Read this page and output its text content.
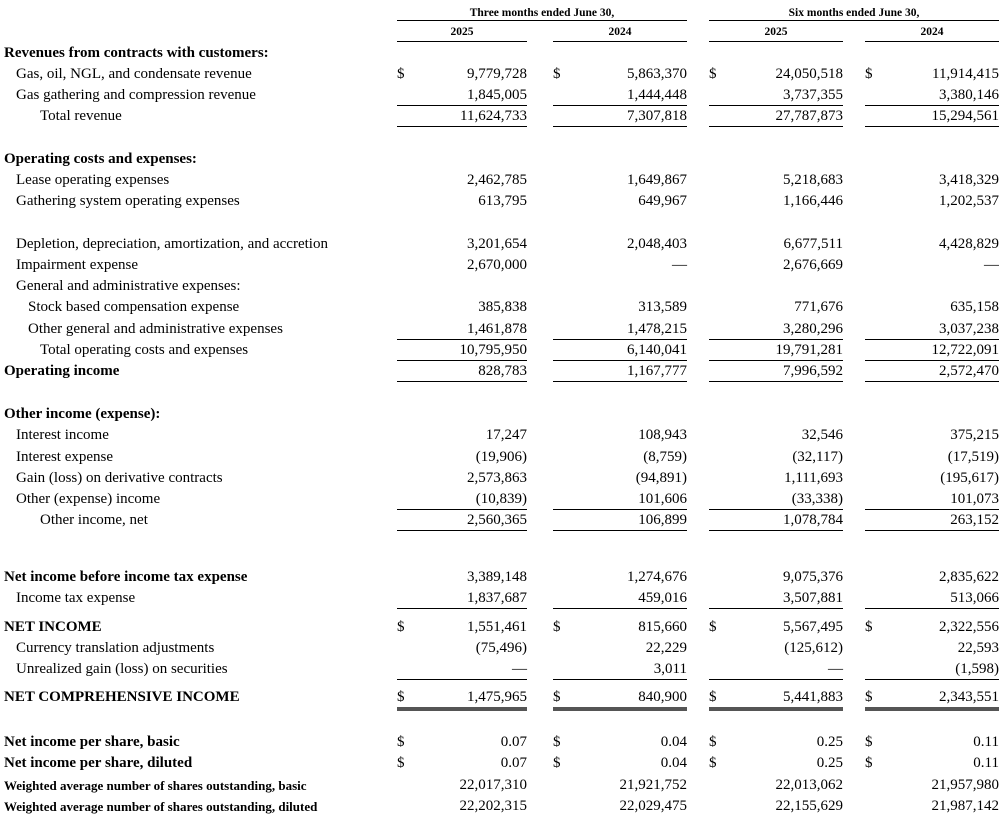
Three months ended June 30,	Six months ended June 30,
2025	2024	2025	2024
Revenues from contracts with customers:
Gas, oil, NGL, and condensate revenue	$	9,779,728 $	5,863,370 $	24,050,518 $	11,914,415
Gas gathering and compression revenue	1,845,005	1,444,448	3,737,355	3,380,146
Total revenue	11,624,733	7,307,818	27,787,873	15,294,561
Operating costs and expenses:
Lease operating expenses	2,462,785	1,649,867	5,218,683	3,418,329
Gathering system operating expenses	613,795	649,967	1,166,446	1,202,537
Depletion, depreciation, amortization, and accretion	3,201,654	2,048,403	6,677,511	4,428,829
Impairment expense	2,670,000	—	2,676,669	—
General and administrative expenses:
Stock based compensation expense	385,838	313,589	771,676	635,158
Other general and administrative expenses	1,461,878	1,478,215	3,280,296	3,037,238
Total operating costs and expenses	10,795,950	6,140,041	19,791,281	12,722,091
Operating income	828,783	1,167,777	7,996,592	2,572,470
Other income (expense):
Interest income	17,247	108,943	32,546	375,215
Interest expense	(19,906)	(8,759)	(32,117)	(17,519)
Gain (loss) on derivative contracts	2,573,863	(94,891)	1,111,693	(195,617)
Other (expense) income	(10,839)	101,606	(33,338)	101,073
Other income, net	2,560,365	106,899	1,078,784	263,152
Net income before income tax expense	3,389,148	1,274,676	9,075,376	2,835,622
Income tax expense	1,837,687	459,016	3,507,881	513,066
NET INCOME	$	1,551,461 $	815,660 $	5,567,495 $	2,322,556
Currency translation adjustments	(75,496)	22,229	(125,612)	22,593
Unrealized gain (loss) on securities	—	3,011	—	(1,598)
NET COMPREHENSIVE INCOME	$	1,475,965 $	840,900 $	5,441,883 $	2,343,551
Net income per share, basic	$	0.07 $	0.04 $	0.25 $	0.11
Net income per share, diluted	$	0.07 $	0.04 $	0.25 $	0.11
Weighted average number of shares outstanding, basic	22,017,310	21,921,752	22,013,062	21,957,980
Weighted average number of shares outstanding, diluted	22,202,315	22,029,475	22,155,629	21,987,142
